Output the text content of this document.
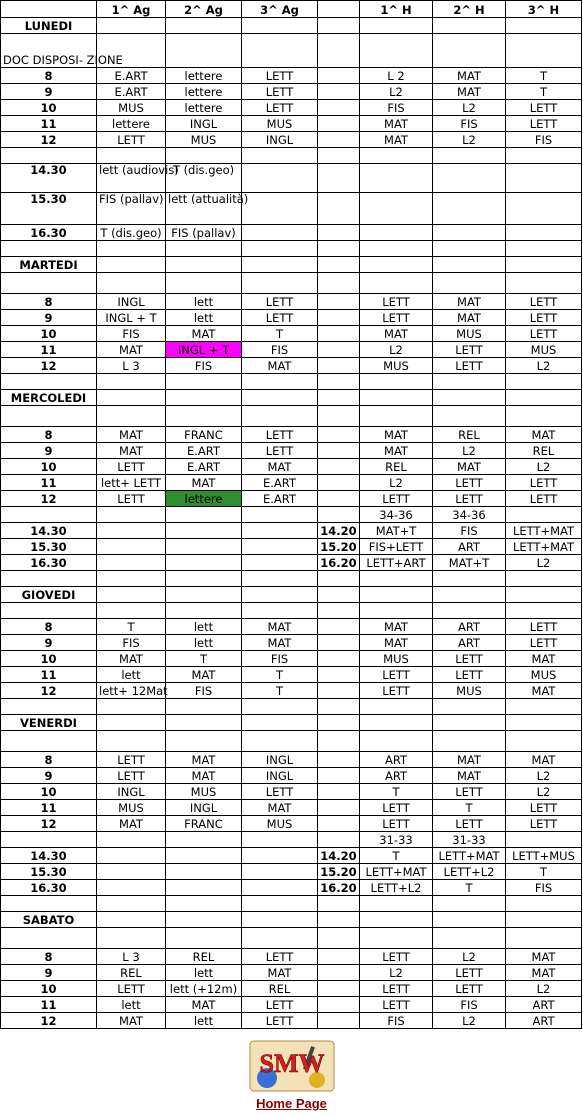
	1^ Ag	2^ Ag	3^ Ag		1^ H	2^ H	3^ H
LUNEDI							
DOC DISPOSI- ZIONE							
8	E.ART	lettere	LETT		L 2	MAT	T
9	E.ART	lettere	LETT		L2	MAT	T
10	MUS	lettere	LETT		FIS	L2	LETT
11	lettere	INGL	MUS		MAT	FIS	LETT
12	LETT	MUS	INGL		MAT	L2	FIS

14.30	lett (audiovis)	T (dis.geo)					
15.30	FIS (pallav)	lett (attualità)					
16.30	T (dis.geo)	FIS (pallav)					

MARTEDI							

8	INGL	lett	LETT		LETT	MAT	LETT
9	INGL + T	lett	LETT		LETT	MAT	LETT
10	FIS	MAT	T		MAT	MUS	LETT
11	MAT	INGL + T	FIS		L2	LETT	MUS
12	L 3	FIS	MAT		MUS	LETT	L2

MERCOLEDI							

8	MAT	FRANC	LETT		MAT	REL	MAT
9	MAT	E.ART	LETT		MAT	L2	REL
10	LETT	E.ART	MAT		REL	MAT	L2
11	lett+ LETT	MAT	E.ART		L2	LETT	LETT
12	LETT	lettere	E.ART		LETT	LETT	LETT
					34-36	34-36	
14.30				14.20	MAT+T	FIS	LETT+MAT
15.30				15.20	FIS+LETT	ART	LETT+MAT
16.30				16.20	LETT+ART	MAT+T	L2

GIOVEDI							

8	T	lett	MAT		MAT	ART	LETT
9	FIS	lett	MAT		MAT	ART	LETT
10	MAT	T	FIS		MUS	LETT	MAT
11	lett	MAT	T		LETT	LETT	MUS
12	lett+ 12Mat	FIS	T		LETT	MUS	MAT

VENERDI							

8	LETT	MAT	INGL		ART	MAT	MAT
9	LETT	MAT	INGL		ART	MAT	L2
10	INGL	MUS	LETT		T	LETT	L2
11	MUS	INGL	MAT		LETT	T	LETT
12	MAT	FRANC	MUS		LETT	LETT	LETT
					31-33	31-33	
14.30				14.20	T	LETT+MAT	LETT+MUS
15.30				15.20	LETT+MAT	LETT+L2	T
16.30				16.20	LETT+L2	T	FIS

SABATO							

8	L 3	REL	LETT		LETT	L2	MAT
9	REL	lett	MAT		L2	LETT	MAT
10	LETT	lett (+12m)	REL		LETT	LETT	L2
11	lett	MAT	LETT		LETT	FIS	ART
12	MAT	lett	LETT		FIS	L2	ART
SMW
Home Page
